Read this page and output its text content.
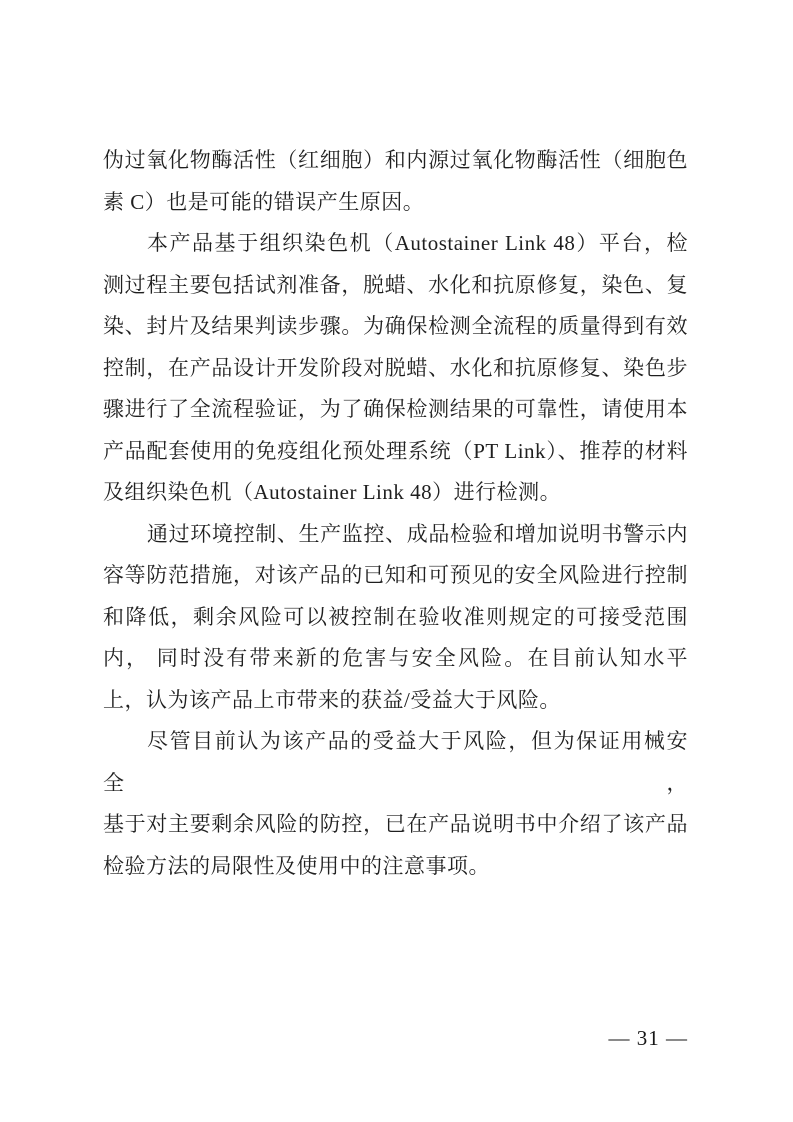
伪过氧化物酶活性（红细胞）和内源过氧化物酶活性（细胞色
素 C）也是可能的错误产生原因。
本产品基于组织染色机（Autostainer Link 48）平台，检
测过程主要包括试剂准备，脱蜡、水化和抗原修复，染色、复
染、封片及结果判读步骤。为确保检测全流程的质量得到有效
控制，在产品设计开发阶段对脱蜡、水化和抗原修复、染色步
骤进行了全流程验证，为了确保检测结果的可靠性，请使用本
产品配套使用的免疫组化预处理系统（PT Link）、推荐的材料
及组织染色机（Autostainer Link 48）进行检测。
通过环境控制、生产监控、成品检验和增加说明书警示内
容等防范措施，对该产品的已知和可预见的安全风险进行控制
和降低，剩余风险可以被控制在验收准则规定的可接受范围
内， 同时没有带来新的危害与安全风险。在目前认知水平
上，认为该产品上市带来的获益/受益大于风险。
尽管目前认为该产品的受益大于风险，但为保证用械安全，
基于对主要剩余风险的防控，已在产品说明书中介绍了该产品
检验方法的局限性及使用中的注意事项。
— 31 —
